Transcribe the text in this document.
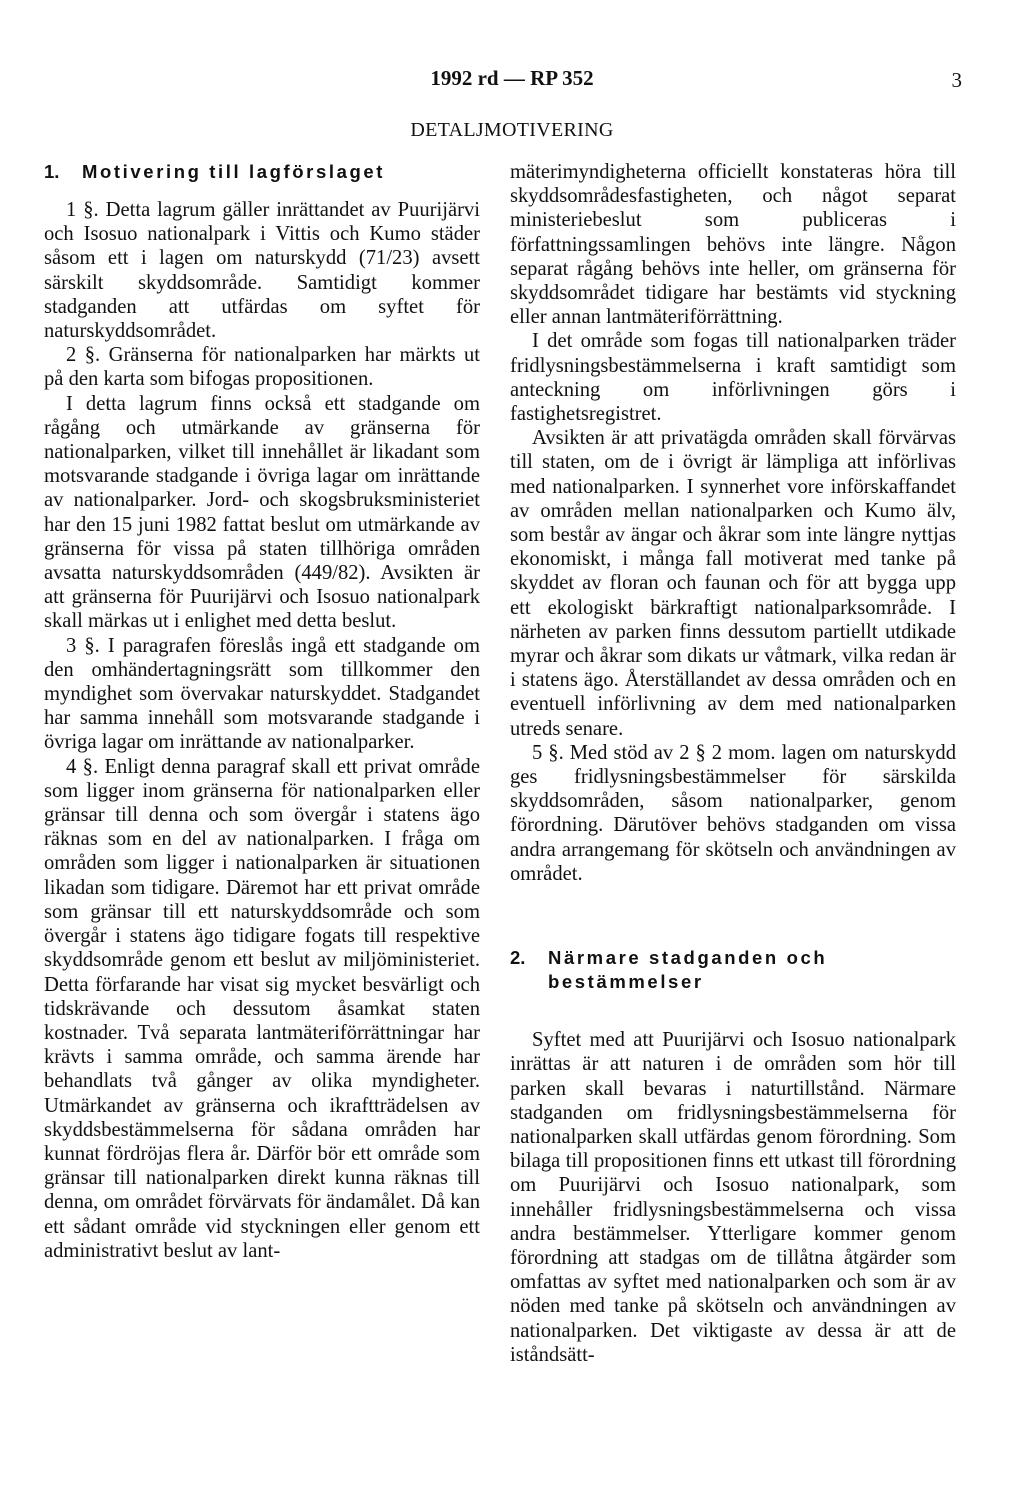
1992 rd — RP 352	3
DETALJMOTIVERING
1. Motivering till lagförslaget

1 §. Detta lagrum gäller inrättandet av Puurijärvi och Isosuo nationalpark i Vittis och Kumo städer såsom ett i lagen om naturskydd (71/23) avsett särskilt skyddsområde. Samtidigt kommer stadganden att utfärdas om syftet för naturskyddsområdet.

2 §. Gränserna för nationalparken har märkts ut på den karta som bifogas propositionen.

I detta lagrum finns också ett stadgande om rågång och utmärkande av gränserna för nationalparken, vilket till innehållet är likadant som motsvarande stadgande i övriga lagar om inrättande av nationalparker. Jord- och skogsbruksministeriet har den 15 juni 1982 fattat beslut om utmärkande av gränserna för vissa på staten tillhöriga områden avsatta naturskyddsområden (449/82). Avsikten är att gränserna för Puurijärvi och Isosuo nationalpark skall märkas ut i enlighet med detta beslut.

3 §. I paragrafen föreslås ingå ett stadgande om den omhändertagningsrätt som tillkommer den myndighet som övervakar naturskyddet. Stadgandet har samma innehåll som motsvarande stadgande i övriga lagar om inrättande av nationalparker.

4 §. Enligt denna paragraf skall ett privat område som ligger inom gränserna för nationalparken eller gränsar till denna och som övergår i statens ägo räknas som en del av nationalparken. I fråga om områden som ligger i nationalparken är situationen likadan som tidigare. Däremot har ett privat område som gränsar till ett naturskyddsområde och som övergår i statens ägo tidigare fogats till respektive skyddsområde genom ett beslut av miljöministeriet. Detta förfarande har visat sig mycket besvärligt och tidskrävande och dessutom åsamkat staten kostnader. Två separata lantmäteriförrättningar har krävts i samma område, och samma ärende har behandlats två gånger av olika myndigheter. Utmärkandet av gränserna och ikraftträdelsen av skyddsbestämmelserna för sådana områden har kunnat fördröjas flera år. Därför bör ett område som gränsar till nationalparken direkt kunna räknas till denna, om området förvärvats för ändamålet. Då kan ett sådant område vid styckningen eller genom ett administrativt beslut av lant-

mäterimyndigheterna officiellt konstateras höra till skyddsområdesfastigheten, och något separat ministeriebeslut som publiceras i författningssamlingen behövs inte längre. Någon separat rågång behövs inte heller, om gränserna för skyddsområdet tidigare har bestämts vid styckning eller annan lantmäteriförrättning.

I det område som fogas till nationalparken träder fridlysningsbestämmelserna i kraft samtidigt som anteckning om införlivningen görs i fastighetsregistret.

Avsikten är att privatägda områden skall förvärvas till staten, om de i övrigt är lämpliga att införlivas med nationalparken. I synnerhet vore införskaffandet av områden mellan nationalparken och Kumo älv, som består av ängar och åkrar som inte längre nyttjas ekonomiskt, i många fall motiverat med tanke på skyddet av floran och faunan och för att bygga upp ett ekologiskt bärkraftigt nationalparksområde. I närheten av parken finns dessutom partiellt utdikade myrar och åkrar som dikats ur våtmark, vilka redan är i statens ägo. Återställandet av dessa områden och en eventuell införlivning av dem med nationalparken utreds senare.

5 §. Med stöd av 2 § 2 mom. lagen om naturskydd ges fridlysningsbestämmelser för särskilda skyddsområden, såsom nationalparker, genom förordning. Därutöver behövs stadganden om vissa andra arrangemang för skötseln och användningen av området.

2. Närmare stadganden och bestämmelser

Syftet med att Puurijärvi och Isosuo nationalpark inrättas är att naturen i de områden som hör till parken skall bevaras i naturtillstånd. Närmare stadganden om fridlysningsbestämmelserna för nationalparken skall utfärdas genom förordning. Som bilaga till propositionen finns ett utkast till förordning om Puurijärvi och Isosuo nationalpark, som innehåller fridlysningsbestämmelserna och vissa andra bestämmelser. Ytterligare kommer genom förordning att stadgas om de tillåtna åtgärder som omfattas av syftet med nationalparken och som är av nöden med tanke på skötseln och användningen av nationalparken. Det viktigaste av dessa är att de iståndsätt-
